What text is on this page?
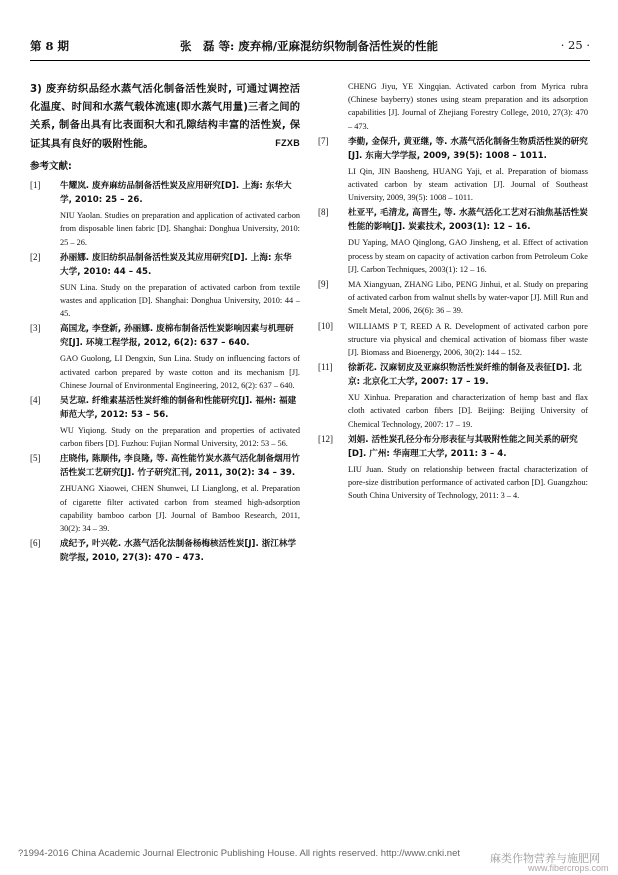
第 8 期	张　磊 等: 废弃棉/亚麻混纺织物制备活性炭的性能	· 25 ·

3) 废弃纺织品经水蒸气活化制备活性炭时, 可通过调控活化温度、时间和水蒸气载体流速(即水蒸气用量)三者之间的关系, 制备出具有比表面积大和孔隙结构丰富的活性炭, 保证其具有良好的吸附性能。	FZXB
参考文献:
[1] 牛耀岚. 废弃麻纺品制备活性炭及应用研究[D]. 上海: 东华大学, 2010: 25 – 26.
NIU Yaolan. Studies on preparation and application of activated carbon from disposable linen fabric [D]. Shanghai: Donghua University, 2010: 25 – 26.
[2] 孙丽娜. 废旧纺织品制备活性炭及其应用研究[D]. 上海: 东华大学, 2010: 44 – 45.
SUN Lina. Study on the preparation of activated carbon from textile wastes and application [D]. Shanghai: Donghua University, 2010: 44 – 45.
[3] 高国龙, 李登新, 孙丽娜. 废棉布制备活性炭影响因素与机理研究[J]. 环境工程学报, 2012, 6(2): 637 – 640.
GAO Guolong, LI Dengxin, Sun Lina. Study on influencing factors of activated carbon prepared by waste cotton and its mechanism [J]. Chinese Journal of Environmental Engineering, 2012, 6(2): 637 – 640.
[4] 吴艺琼. 纤维素基活性炭纤维的制备和性能研究[J]. 福州: 福建师范大学, 2012: 53 – 56.
WU Yiqiong. Study on the preparation and properties of activated carbon fibers [D]. Fuzhou: Fujian Normal University, 2012: 53 – 56.
[5] 庄晓伟, 陈顺伟, 李良隆, 等. 高性能竹炭水蒸气活化制备烟用竹活性炭工艺研究[J]. 竹子研究汇刊, 2011, 30(2): 34 – 39.
ZHUANG Xiaowei, CHEN Shunwei, LI Lianglong, et al. Preparation of cigarette filter activated carbon from steamed high-adsorption capability bamboo carbon [J]. Journal of Bamboo Research, 2011, 30(2): 34 – 39.
[6] 成纪予, 叶兴乾. 水蒸气活化法制备杨梅核活性炭[J]. 浙江林学院学报, 2010, 27(3): 470 – 473.
CHENG Jiyu, YE Xingqian. Activated carbon from Myrica rubra (Chinese bayberry) stones using steam preparation and its adsorption capabilities [J]. Journal of Zhejiang Forestry College, 2010, 27(3): 470 – 473.
[7] 李勤, 金保升, 黄亚继, 等. 水蒸气活化制备生物质活性炭的研究[J]. 东南大学学报, 2009, 39(5): 1008 – 1011.
LI Qin, JIN Baosheng, HUANG Yaji, et al. Preparation of biomass activated carbon by steam activation [J]. Journal of Southeast University, 2009, 39(5): 1008 – 1011.
[8] 杜亚平, 毛清龙, 高晋生, 等. 水蒸气活化工艺对石油焦基活性炭性能的影响[J]. 炭素技术, 2003(1): 12 – 16.
DU Yaping, MAO Qinglong, GAO Jinsheng, et al. Effect of activation process by steam on capacity of activation carbon from Petroleum Coke [J]. Carbon Techniques, 2003(1): 12 – 16.
[9] MA Xiangyuan, ZHANG Libo, PENG Jinhui, et al. Study on preparing of activated carbon from walnut shells by water-vapor [J]. Mill Run and Smelt Metal, 2006, 26(6): 36 – 39.
[10] WILLIAMS P T, REED A R. Development of activated carbon pore structure via physical and chemical activation of biomass fiber waste [J]. Biomass and Bioenergy, 2006, 30(2): 144 – 152.
[11] 徐新花. 汉麻韧皮及亚麻织物活性炭纤维的制备及表征[D]. 北京: 北京化工大学, 2007: 17 – 19.
XU Xinhua. Preparation and characterization of hemp bast and flax cloth activated carbon fibers [D]. Beijing: Beijing University of Chemical Technology, 2007: 17 – 19.
[12] 刘娟. 活性炭孔径分布分形表征与其吸附性能之间关系的研究[D]. 广州: 华南理工大学, 2011: 3 – 4.
LIU Juan. Study on relationship between fractal characterization of pore-size distribution performance of activated carbon [D]. Guangzhou: South China University of Technology, 2011: 3 – 4.
?1994-2016 China Academic Journal Electronic Publishing House. All rights reserved. http://www.cnki.net	麻类作物营养与施肥网
www.fibercrops.com
